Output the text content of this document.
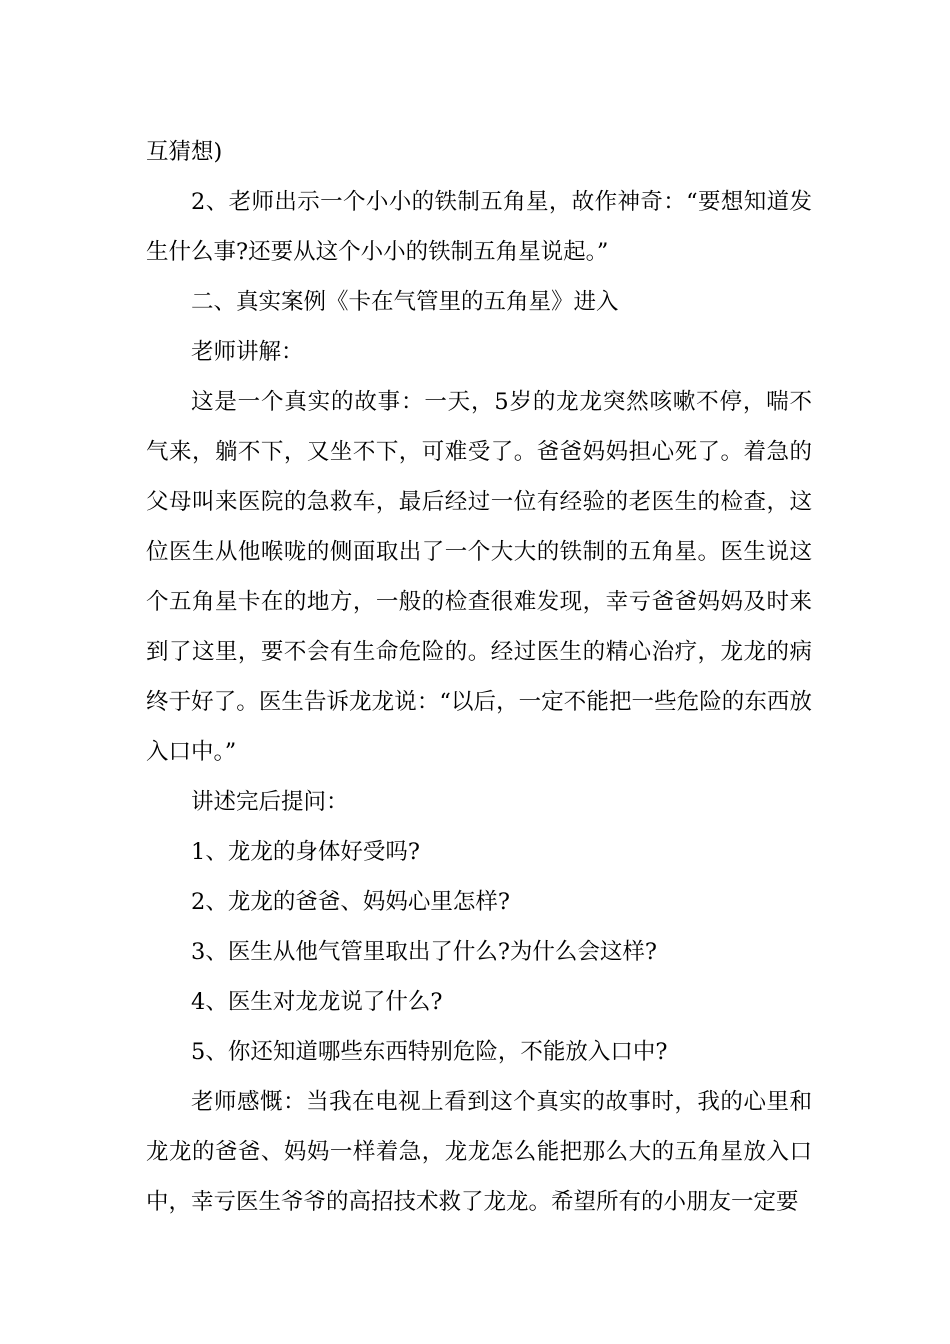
互猜想)

2、老师出示一个小小的铁制五角星，故作神奇：“要想知道发生什么事?还要从这个小小的铁制五角星说起。”

二、真实案例《卡在气管里的五角星》进入

老师讲解：

这是一个真实的故事：一天，5岁的龙龙突然咳嗽不停，喘不气来，躺不下，又坐不下，可难受了。爸爸妈妈担心死了。着急的父母叫来医院的急救车，最后经过一位有经验的老医生的检查，这位医生从他喉咙的侧面取出了一个大大的铁制的五角星。医生说这个五角星卡在的地方，一般的检查很难发现，幸亏爸爸妈妈及时来到了这里，要不会有生命危险的。经过医生的精心治疗，龙龙的病终于好了。医生告诉龙龙说：“以后，一定不能把一些危险的东西放入口中。”

讲述完后提问：

1、龙龙的身体好受吗?

2、龙龙的爸爸、妈妈心里怎样?

3、医生从他气管里取出了什么?为什么会这样?

4、医生对龙龙说了什么?

5、你还知道哪些东西特别危险，不能放入口中?

老师感慨：当我在电视上看到这个真实的故事时，我的心里和龙龙的爸爸、妈妈一样着急，龙龙怎么能把那么大的五角星放入口中，幸亏医生爷爷的高招技术救了龙龙。希望所有的小朋友一定要
